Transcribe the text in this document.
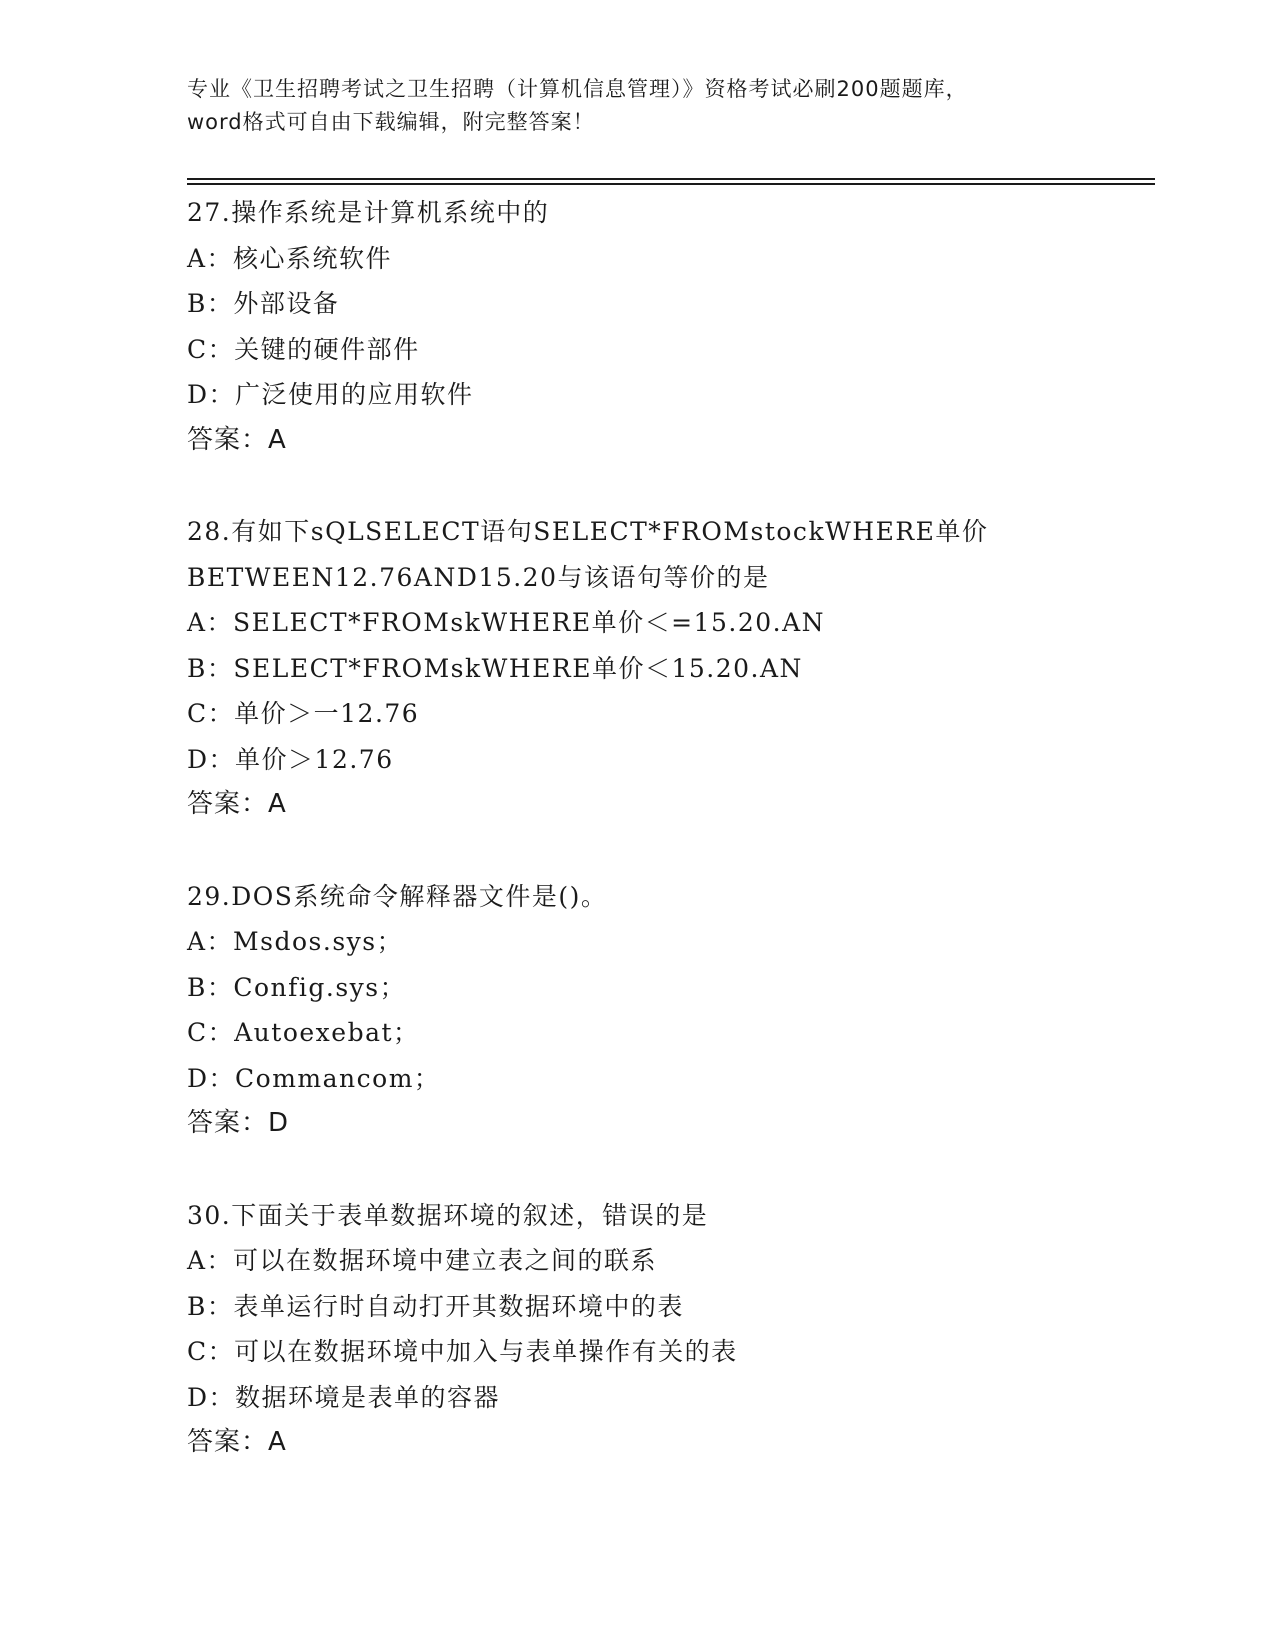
专业《卫生招聘考试之卫生招聘（计算机信息管理）》资格考试必刷200题题库，
word格式可自由下载编辑，附完整答案！
27.操作系统是计算机系统中的
A：核心系统软件
B：外部设备
C：关键的硬件部件
D：广泛使用的应用软件
答案：A
28.有如下sQLSELECT语句SELECT*FROMstockWHERE单价
BETWEEN12.76AND15.20与该语句等价的是
A：SELECT*FROMskWHERE单价＜=15.20.AN
B：SELECT*FROMskWHERE单价＜15.20.AN
C：单价＞一12.76
D：单价＞12.76
答案：A
29.DOS系统命令解释器文件是()。
A：Msdos.sys；
B：Config.sys；
C：Autoexebat；
D：Commancom；
答案：D
30.下面关于表单数据环境的叙述，错误的是
A：可以在数据环境中建立表之间的联系
B：表单运行时自动打开其数据环境中的表
C：可以在数据环境中加入与表单操作有关的表
D：数据环境是表单的容器
答案：A
